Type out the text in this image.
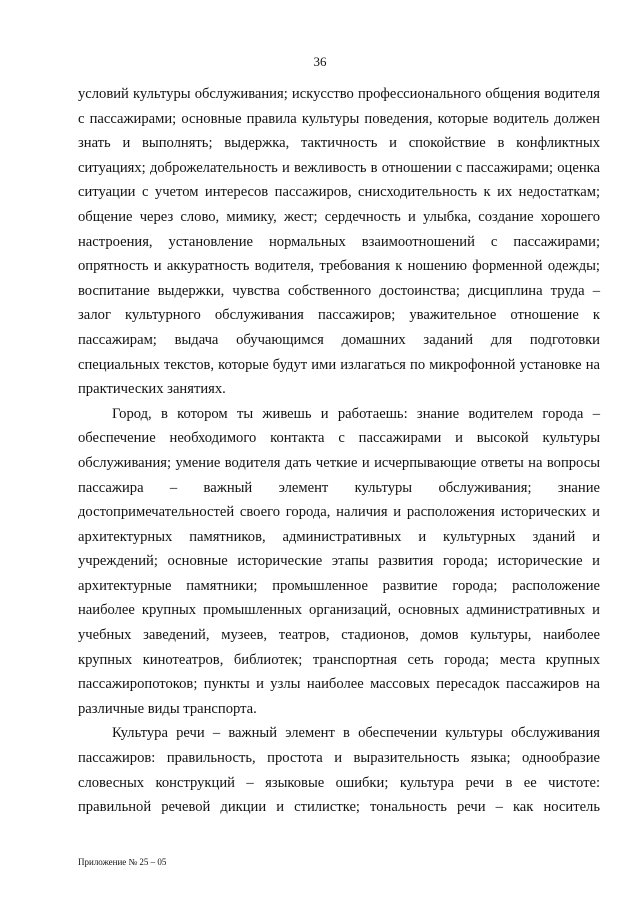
36

условий культуры обслуживания; искусство профессионального общения водителя с пассажирами; основные правила культуры поведения, которые водитель должен знать и выполнять; выдержка, тактичность и спокойствие в конфликтных ситуациях; доброжелательность и вежливость в отношении с пассажирами; оценка ситуации с учетом интересов пассажиров, снисходительность к их недостаткам; общение через слово, мимику, жест; сердечность и улыбка, создание хорошего настроения, установление нормальных взаимоотношений с пассажирами; опрятность и аккуратность водителя, требования к ношению форменной одежды; воспитание выдержки, чувства собственного достоинства; дисциплина труда – залог культурного обслуживания пассажиров; уважительное отношение к пассажирам; выдача обучающимся домашних заданий для подготовки специальных текстов, которые будут ими излагаться по микрофонной установке на практических занятиях.

Город, в котором ты живешь и работаешь: знание водителем города – обеспечение необходимого контакта с пассажирами и высокой культуры обслуживания; умение водителя дать четкие и исчерпывающие ответы на вопросы пассажира – важный элемент культуры обслуживания; знание достопримечательностей своего города, наличия и расположения исторических и архитектурных памятников, административных и культурных зданий и учреждений; основные исторические этапы развития города; исторические и архитектурные памятники; промышленное развитие города; расположение наиболее крупных промышленных организаций, основных административных и учебных заведений, музеев, театров, стадионов, домов культуры, наиболее крупных кинотеатров, библиотек; транспортная сеть города; места крупных пассажиропотоков; пункты и узлы наиболее массовых пересадок пассажиров на различные виды транспорта.

Культура речи – важный элемент в обеспечении культуры обслуживания пассажиров: правильность, простота и выразительность языка; однообразие словесных конструкций – языковые ошибки; культура речи в ее чистоте: правильной речевой дикции и стилистке; тональность речи – как носитель

Приложение № 25 – 05
